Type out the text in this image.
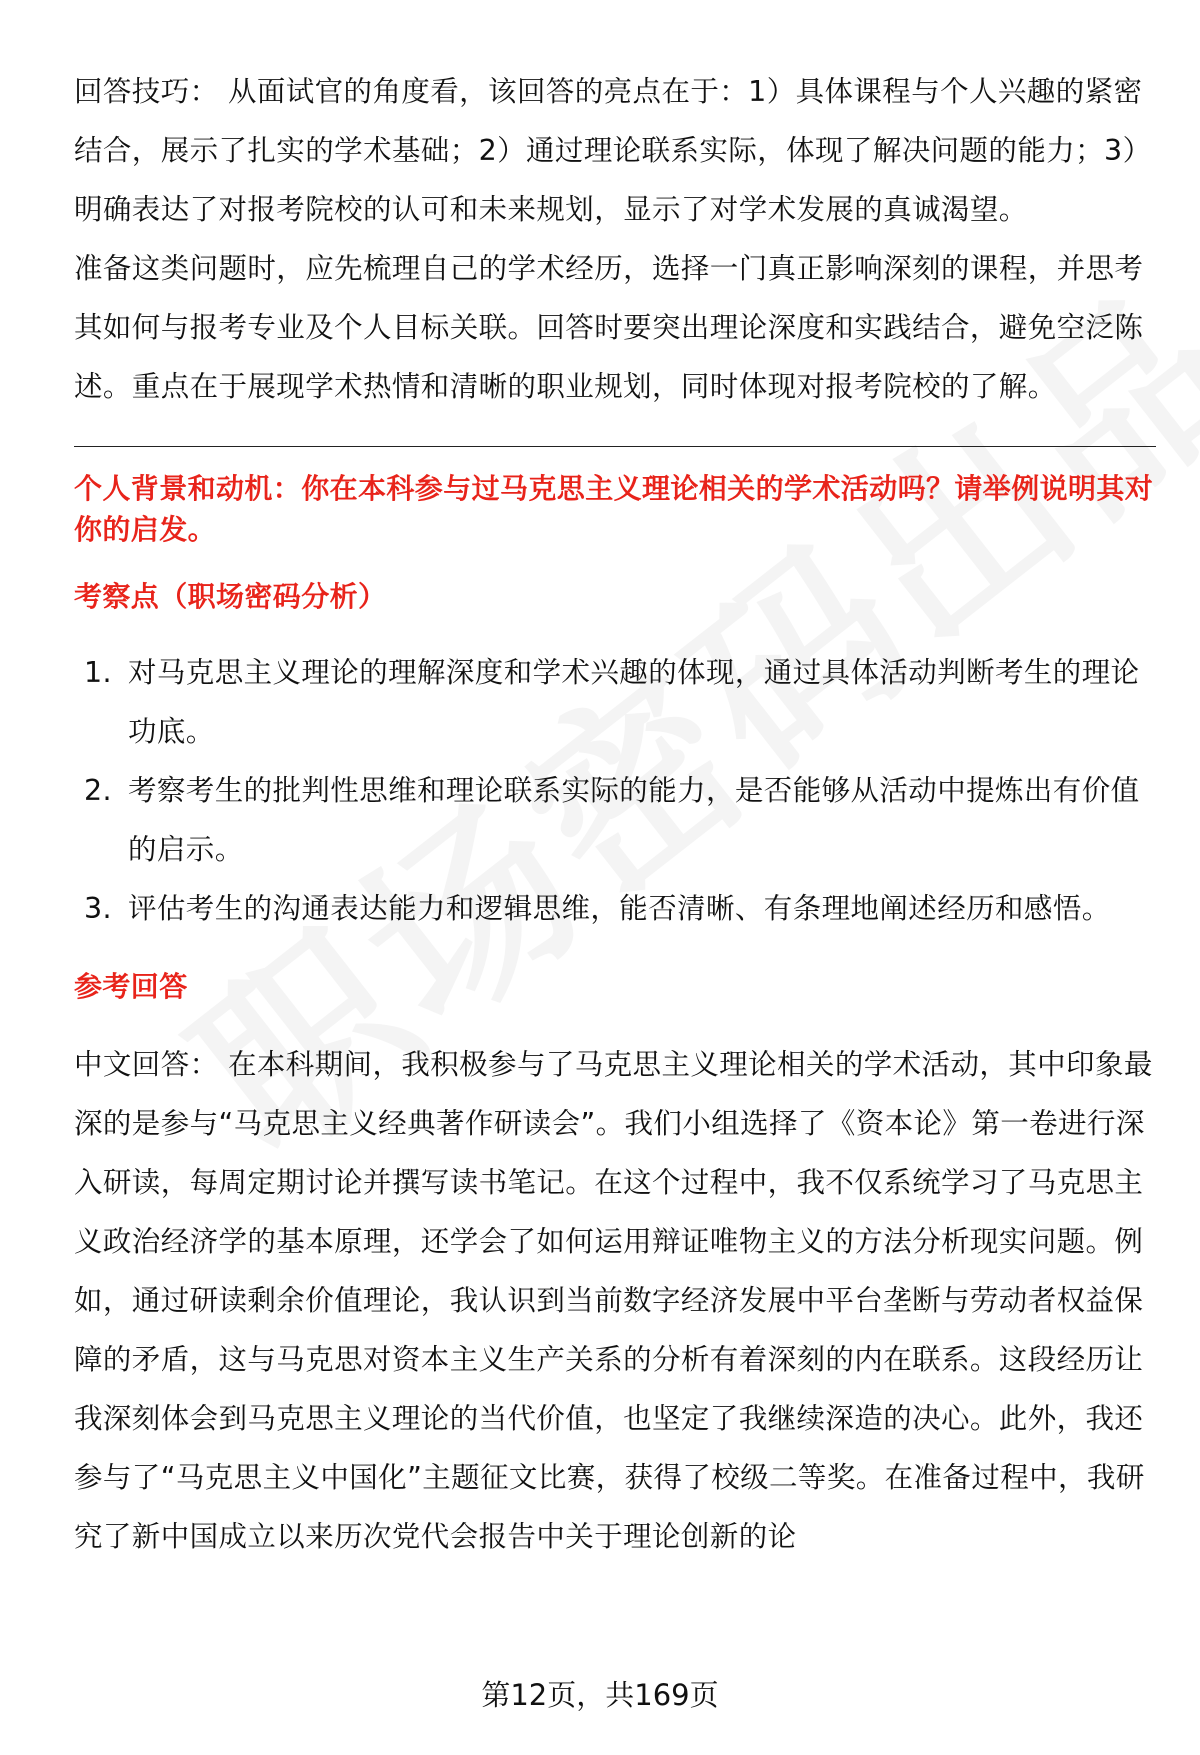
回答技巧： 从面试官的角度看，该回答的亮点在于：1）具体课程与个人兴趣的紧密结合，展示了扎实的学术基础；2）通过理论联系实际，体现了解决问题的能力；3）明确表达了对报考院校的认可和未来规划，显示了对学术发展的真诚渴望。

准备这类问题时，应先梳理自己的学术经历，选择一门真正影响深刻的课程，并思考其如何与报考专业及个人目标关联。回答时要突出理论深度和实践结合，避免空泛陈述。重点在于展现学术热情和清晰的职业规划，同时体现对报考院校的了解。

个人背景和动机：你在本科参与过马克思主义理论相关的学术活动吗？请举例说明其对你的启发。

考察点（职场密码分析）

1. 对马克思主义理论的理解深度和学术兴趣的体现，通过具体活动判断考生的理论功底。
2. 考察考生的批判性思维和理论联系实际的能力，是否能够从活动中提炼出有价值的启示。
3. 评估考生的沟通表达能力和逻辑思维，能否清晰、有条理地阐述经历和感悟。

参考回答

中文回答： 在本科期间，我积极参与了马克思主义理论相关的学术活动，其中印象最深的是参与“马克思主义经典著作研读会”。我们小组选择了《资本论》第一卷进行深入研读，每周定期讨论并撰写读书笔记。在这个过程中，我不仅系统学习了马克思主义政治经济学的基本原理，还学会了如何运用辩证唯物主义的方法分析现实问题。例如，通过研读剩余价值理论，我认识到当前数字经济发展中平台垄断与劳动者权益保障的矛盾，这与马克思对资本主义生产关系的分析有着深刻的内在联系。这段经历让我深刻体会到马克思主义理论的当代价值，也坚定了我继续深造的决心。此外，我还参与了“马克思主义中国化”主题征文比赛，获得了校级二等奖。在准备过程中，我研究了新中国成立以来历次党代会报告中关于理论创新的论

第12页，共169页
